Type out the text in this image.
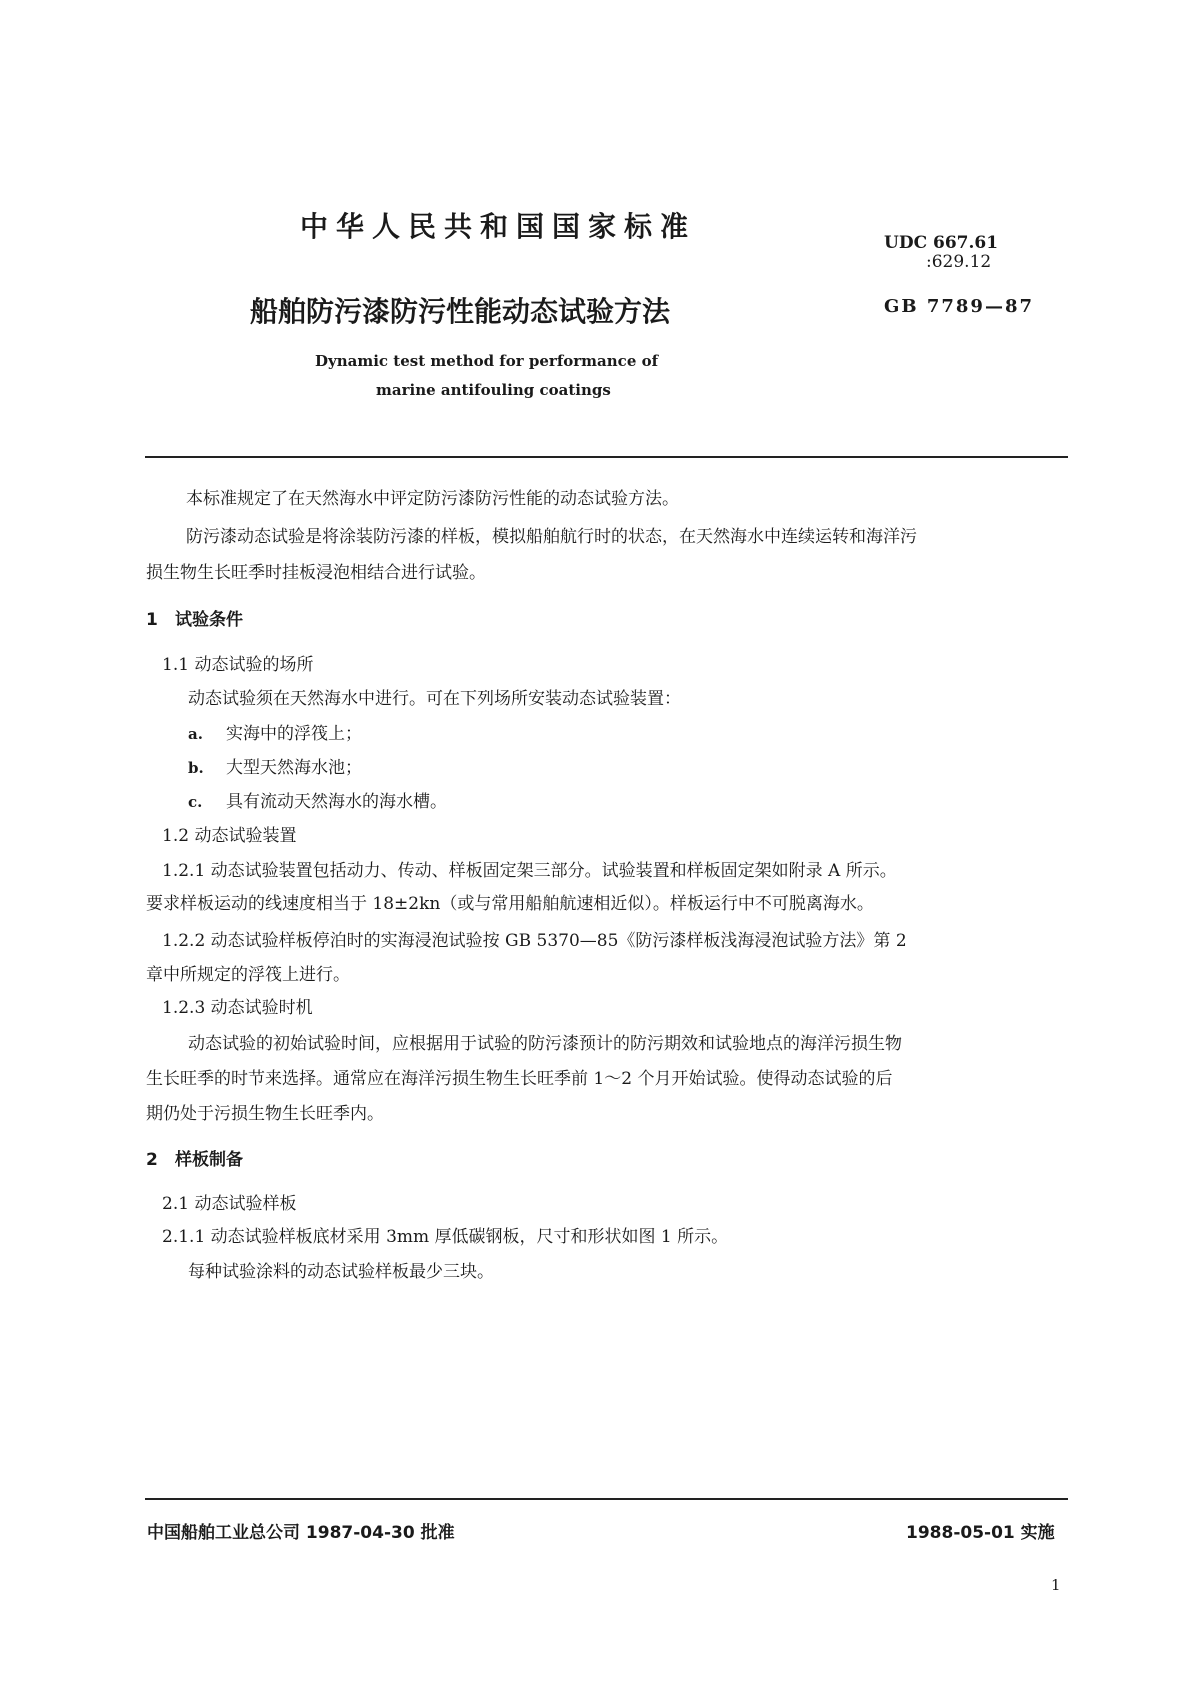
中华人民共和国国家标准	UDC 667.61
:629.12
船舶防污漆防污性能动态试验方法	GB 7789—87
Dynamic test method for performance of
marine antifouling coatings
本标准规定了在天然海水中评定防污漆防污性能的动态试验方法。
防污漆动态试验是将涂装防污漆的样板，模拟船舶航行时的状态，在天然海水中连续运转和海洋污
损生物生长旺季时挂板浸泡相结合进行试验。
1 试验条件
1.1 动态试验的场所
动态试验须在天然海水中进行。可在下列场所安装动态试验装置：
a. 实海中的浮筏上；
b. 大型天然海水池；
c. 具有流动天然海水的海水槽。
1.2 动态试验装置
1.2.1 动态试验装置包括动力、传动、样板固定架三部分。试验装置和样板固定架如附录 A 所示。
要求样板运动的线速度相当于 18±2kn（或与常用船舶航速相近似）。样板运行中不可脱离海水。
1.2.2 动态试验样板停泊时的实海浸泡试验按 GB 5370—85《防污漆样板浅海浸泡试验方法》第 2
章中所规定的浮筏上进行。
1.2.3 动态试验时机
动态试验的初始试验时间，应根据用于试验的防污漆预计的防污期效和试验地点的海洋污损生物
生长旺季的时节来选择。通常应在海洋污损生物生长旺季前 1～2 个月开始试验。使得动态试验的后
期仍处于污损生物生长旺季内。
2 样板制备
2.1 动态试验样板
2.1.1 动态试验样板底材采用 3mm 厚低碳钢板，尺寸和形状如图 1 所示。
每种试验涂料的动态试验样板最少三块。
中国船舶工业总公司 1987-04-30 批准	1988-05-01 实施
1
